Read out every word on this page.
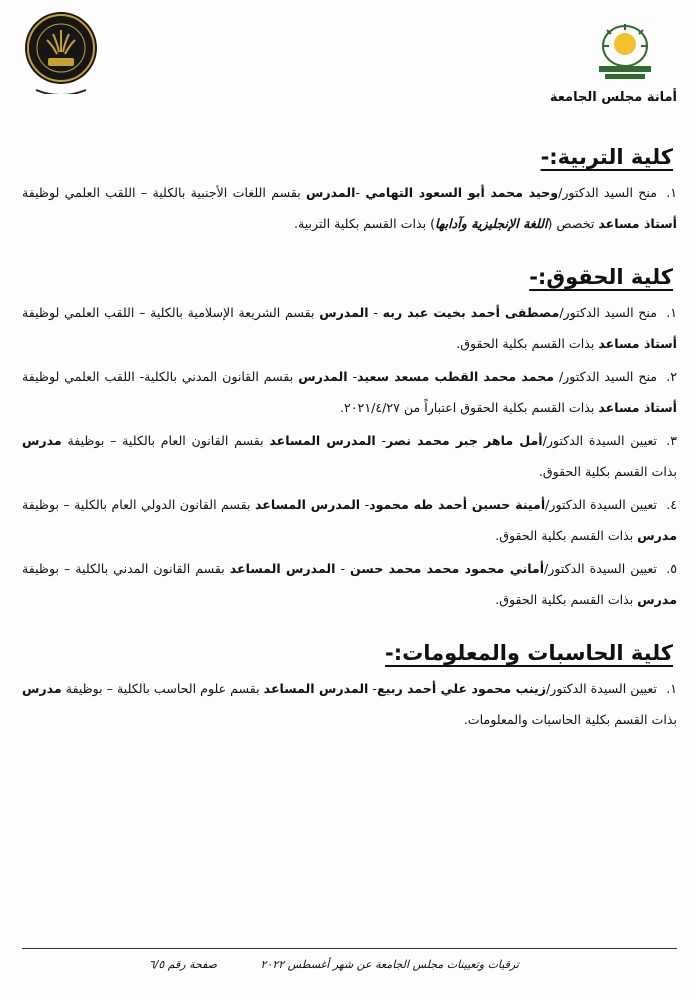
أمانة مجلس الجامعة
كلية التربية:-
١.منح السيد الدكتور/وحيد محمد أبو السعود التهامي -المدرس بقسم اللغات الأجنبية بالكلية – اللقب العلمي لوظيفة أستاذ مساعد تخصص (اللغة الإنجليزية وآدابها) بذات القسم بكلية التربية.
كلية الحقوق:-
١.منح السيد الدكتور/مصطفى أحمد بخيت عبد ربه - المدرس بقسم الشريعة الإسلامية بالكلية – اللقب العلمي لوظيفة أستاذ مساعد بذات القسم بكلية الحقوق.
٢.منح السيد الدكتور/ محمد محمد القطب مسعد سعيد- المدرس بقسم القانون المدني بالكلية- اللقب العلمي لوظيفة أستاذ مساعد بذات القسم بكلية الحقوق اعتباراً من ٢٠٢١/٤/٢٧.
٣.تعيين السيدة الدكتور/أمل ماهر جبر محمد نصر- المدرس المساعد بقسم القانون العام بالكلية – بوظيفة مدرس بذات القسم بكلية الحقوق.
٤.تعيين السيدة الدكتور/أمينة حسين أحمد طه محمود- المدرس المساعد بقسم القانون الدولي العام بالكلية – بوظيفة مدرس بذات القسم بكلية الحقوق.
٥.تعيين السيدة الدكتور/أماني محمود محمد محمد حسن - المدرس المساعد بقسم القانون المدني بالكلية – بوظيفة مدرس بذات القسم بكلية الحقوق.
كلية الحاسبات والمعلومات:-
١.تعيين السيدة الدكتور/زينب محمود علي أحمد ربيع- المدرس المساعد بقسم علوم الحاسب بالكلية – بوظيفة مدرس بذات القسم بكلية الحاسبات والمعلومات.
ترقيات وتعيينات مجلس الجامعة عن شهر أغسطس ٢٠٢٢ صفحة رقم ٦/٥
